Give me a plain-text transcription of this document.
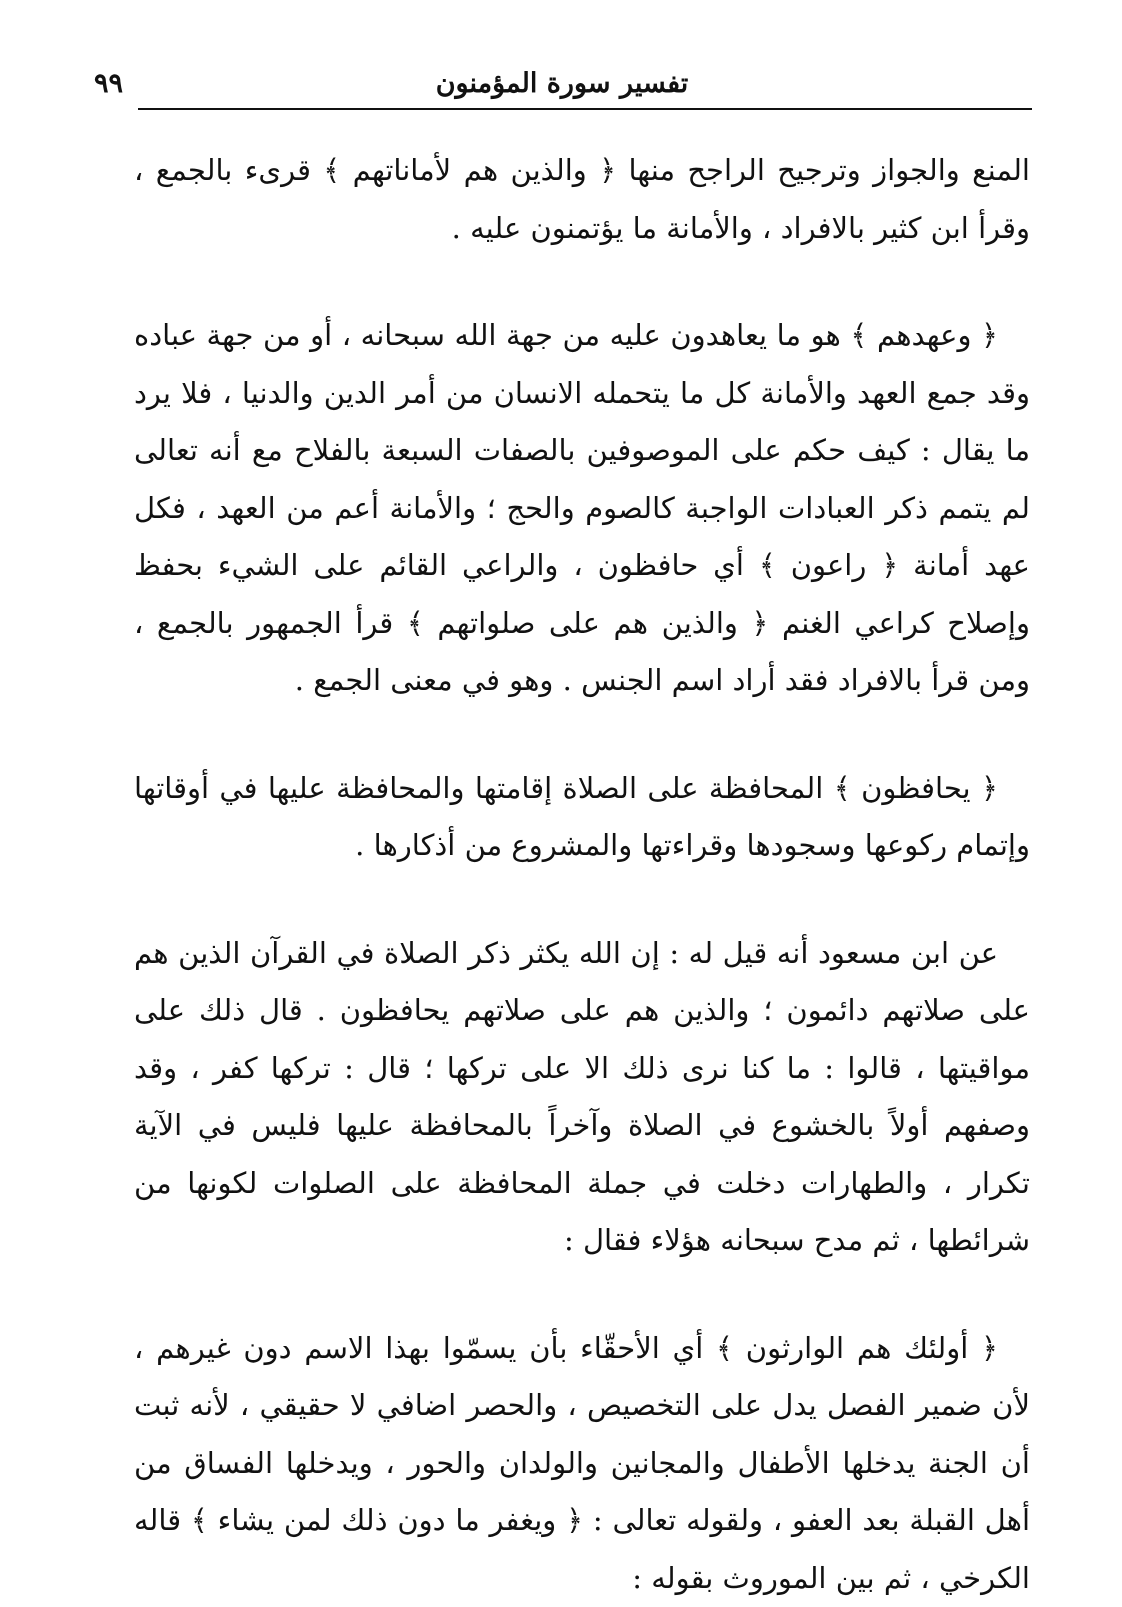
تفسير سورة المؤمنون
٩٩

المنع والجواز وترجيح الراجح منها ﴿ والذين هم لأماناتهم ﴾ قرىء بالجمع ، وقرأ ابن كثير بالافراد ، والأمانة ما يؤتمنون عليه .

﴿ وعهدهم ﴾ هو ما يعاهدون عليه من جهة الله سبحانه ، أو من جهة عباده وقد جمع العهد والأمانة كل ما يتحمله الانسان من أمر الدين والدنيا ، فلا يرد ما يقال : كيف حكم على الموصوفين بالصفات السبعة بالفلاح مع أنه تعالى لم يتمم ذكر العبادات الواجبة كالصوم والحج ؛ والأمانة أعم من العهد ، فكل عهد أمانة ﴿ راعون ﴾ أي حافظون ، والراعي القائم على الشيء بحفظ وإصلاح كراعي الغنم ﴿ والذين هم على صلواتهم ﴾ قرأ الجمهور بالجمع ، ومن قرأ بالافراد فقد أراد اسم الجنس . وهو في معنى الجمع .

﴿ يحافظون ﴾ المحافظة على الصلاة إقامتها والمحافظة عليها في أوقاتها وإتمام ركوعها وسجودها وقراءتها والمشروع من أذكارها .

عن ابن مسعود أنه قيل له : إن الله يكثر ذكر الصلاة في القرآن الذين هم على صلاتهم دائمون ؛ والذين هم على صلاتهم يحافظون . قال ذلك على مواقيتها ، قالوا : ما كنا نرى ذلك الا على تركها ؛ قال : تركها كفر ، وقد وصفهم أولاً بالخشوع في الصلاة وآخراً بالمحافظة عليها فليس في الآية تكرار ، والطهارات دخلت في جملة المحافظة على الصلوات لكونها من شرائطها ، ثم مدح سبحانه هؤلاء فقال :

﴿ أولئك هم الوارثون ﴾ أي الأحقّاء بأن يسمّوا بهذا الاسم دون غيرهم ، لأن ضمير الفصل يدل على التخصيص ، والحصر اضافي لا حقيقي ، لأنه ثبت أن الجنة يدخلها الأطفال والمجانين والولدان والحور ، ويدخلها الفساق من أهل القبلة بعد العفو ، ولقوله تعالى : ﴿ ويغفر ما دون ذلك لمن يشاء ﴾ قاله الكرخي ، ثم بين الموروث بقوله :
